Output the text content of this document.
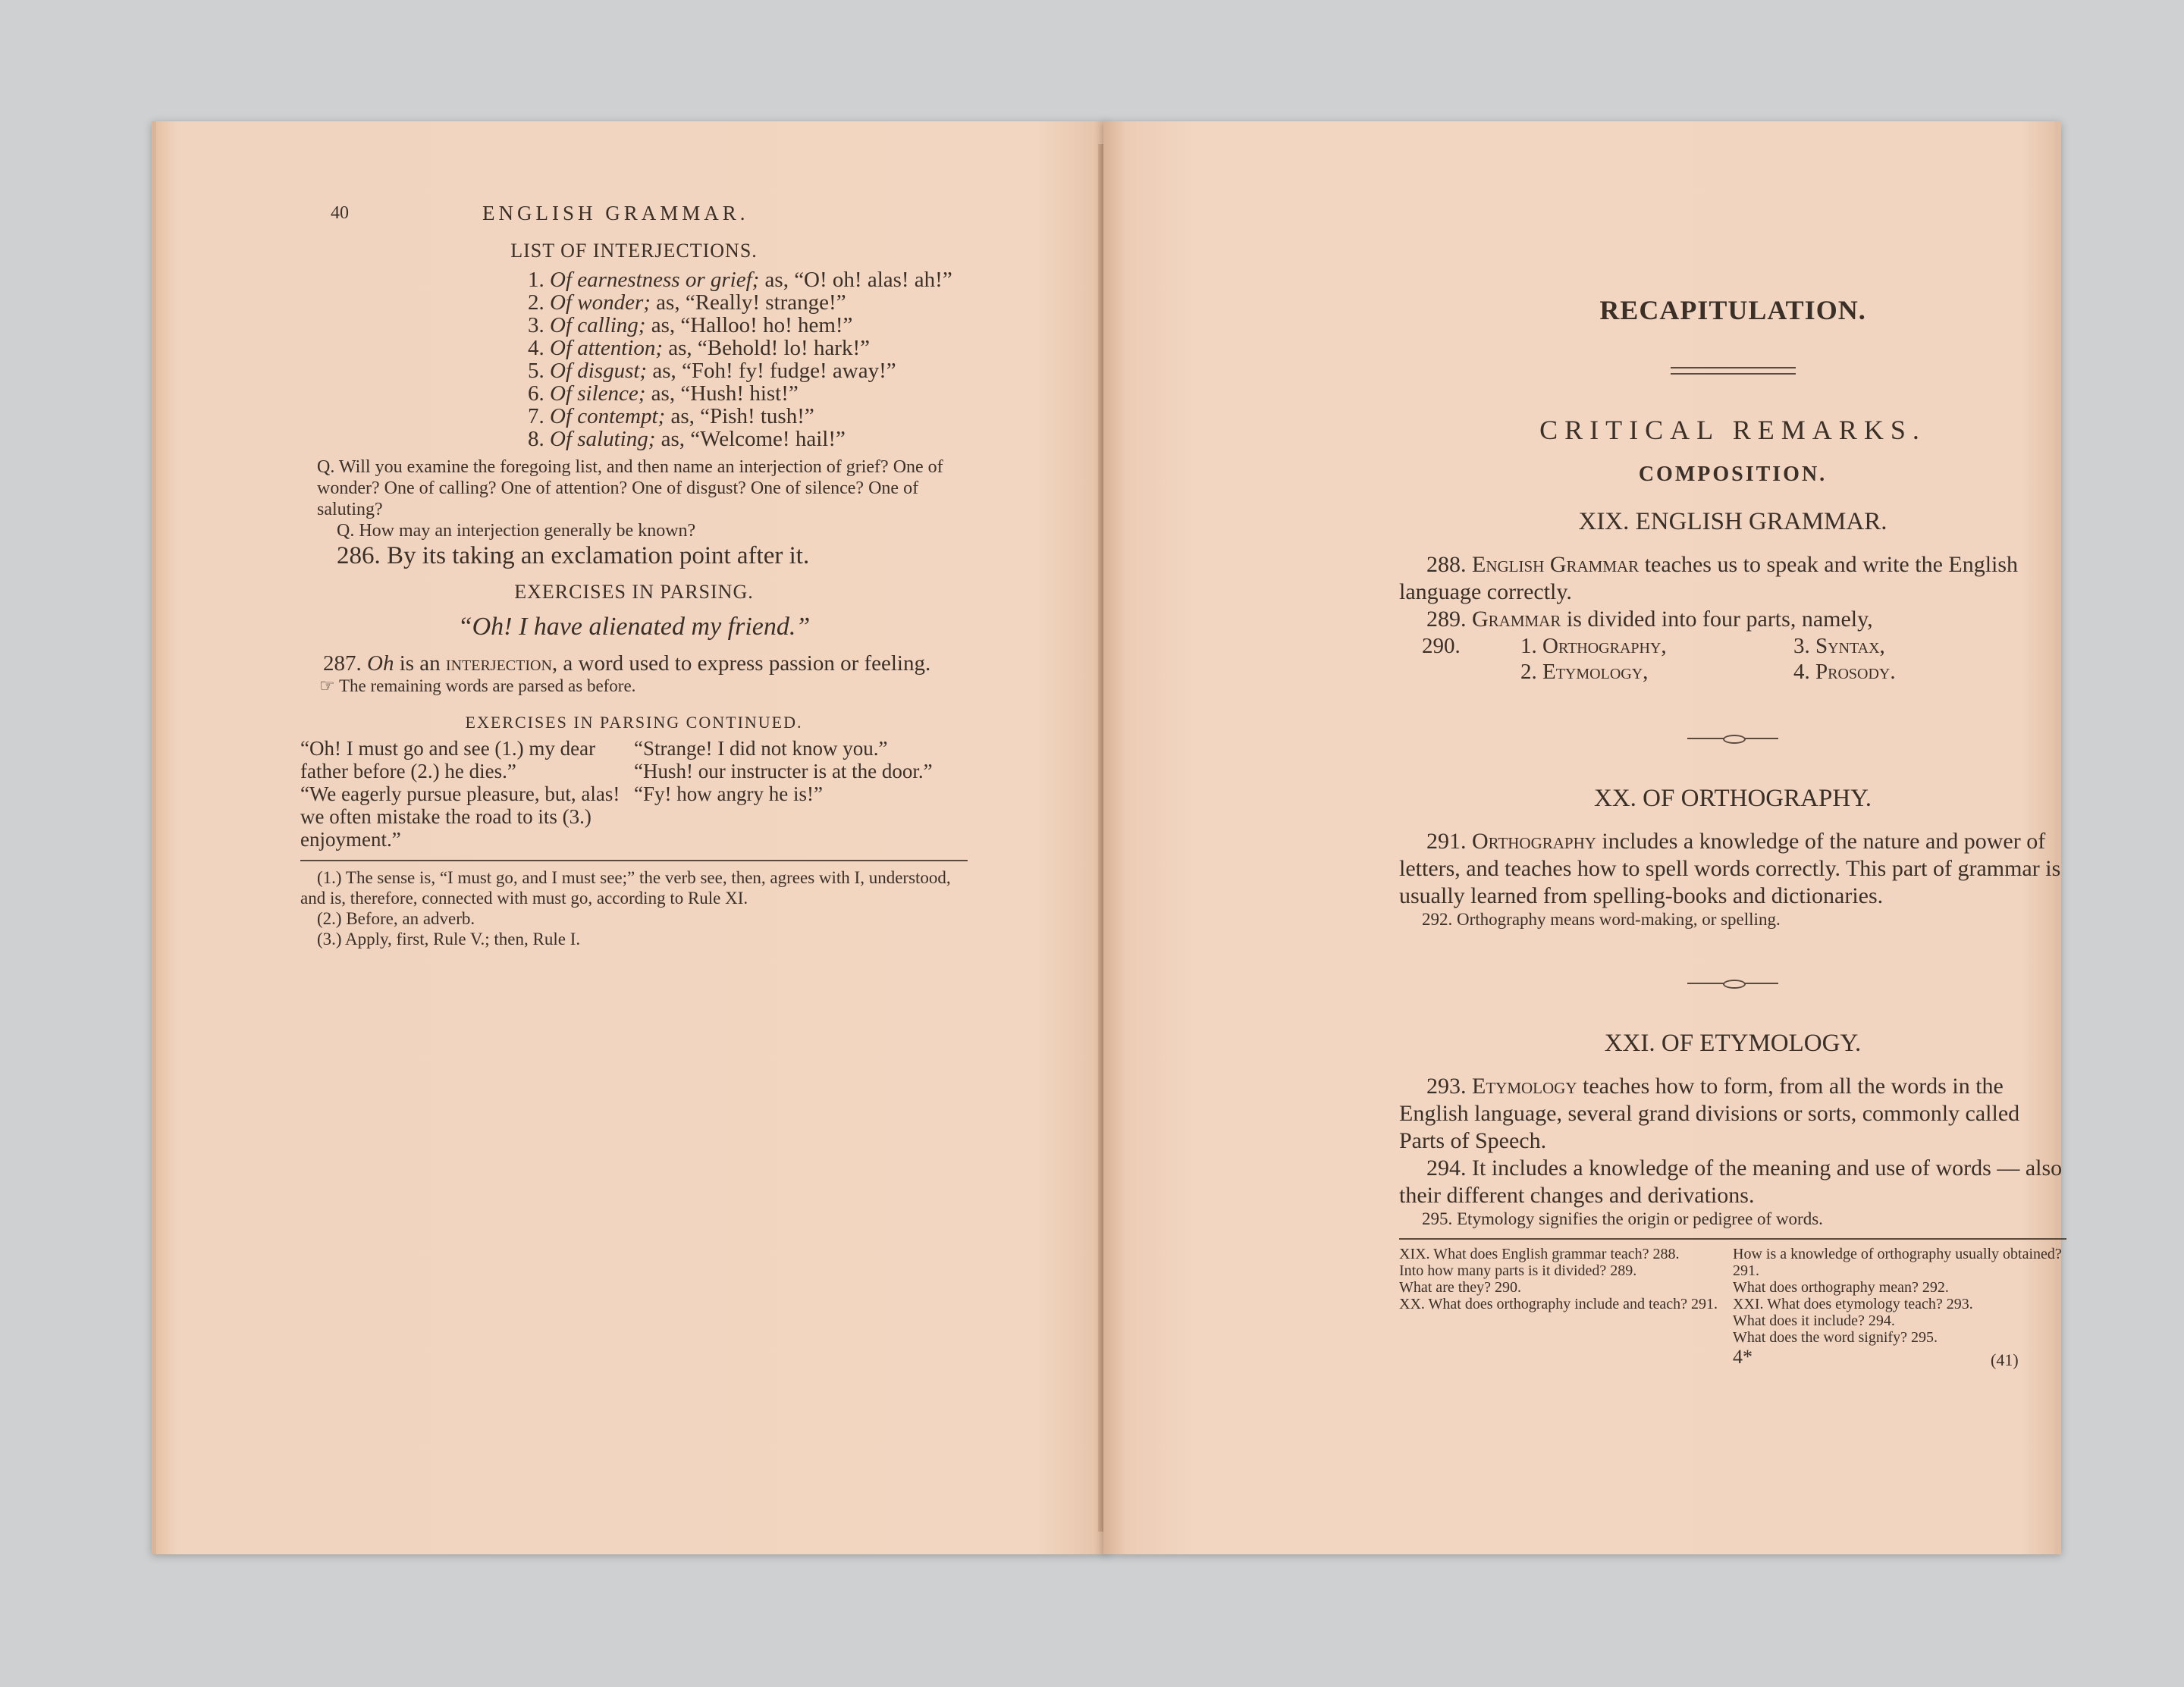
40	ENGLISH GRAMMAR.
LIST OF INTERJECTIONS.
1. Of earnestness or grief; as, “O! oh! alas! ah!”
2. Of wonder; as, “Really! strange!”
3. Of calling; as, “Halloo! ho! hem!”
4. Of attention; as, “Behold! lo! hark!”
5. Of disgust; as, “Foh! fy! fudge! away!”
6. Of silence; as, “Hush! hist!”
7. Of contempt; as, “Pish! tush!”
8. Of saluting; as, “Welcome! hail!”

Q. Will you examine the foregoing list, and then name an interjection of grief? One of wonder? One of calling? One of attention? One of disgust? One of silence? One of saluting?

Q. How may an interjection generally be known?

286. By its taking an exclamation point after it.

EXERCISES IN PARSING.
“Oh! I have alienated my friend.”

287. Oh is an interjection, a word used to express passion or feeling.

☞ The remaining words are parsed as before.

EXERCISES IN PARSING CONTINUED.

“Oh! I must go and see (1.) my dear father before (2.) he dies.”

“We eagerly pursue pleasure, but, alas! we often mistake the road to its (3.) enjoyment.”

“Strange! I did not know you.”

“Hush! our instructer is at the door.”

“Fy! how angry he is!”

(1.) The sense is, “I must go, and I must see;” the verb see, then, agrees with I, understood, and is, therefore, connected with must go, according to Rule XI.

(2.) Before, an adverb.

(3.) Apply, first, Rule V.; then, Rule I.

RECAPITULATION.
CRITICAL REMARKS.
COMPOSITION.
XIX. ENGLISH GRAMMAR.

288. English Grammar teaches us to speak and write the English language correctly.

289. Grammar is divided into four parts, namely,

290.	1. Orthography,	3. Syntax,
2. Etymology,	4. Prosody.
XX. OF ORTHOGRAPHY.

291. Orthography includes a knowledge of the nature and power of letters, and teaches how to spell words correctly. This part of grammar is usually learned from spelling-books and dictionaries.

292. Orthography means word-making, or spelling.

XXI. OF ETYMOLOGY.

293. Etymology teaches how to form, from all the words in the English language, several grand divisions or sorts, commonly called Parts of Speech.

294. It includes a knowledge of the meaning and use of words — also their different changes and derivations.

295. Etymology signifies the origin or pedigree of words.

XIX. What does English grammar teach? 288.

Into how many parts is it divided? 289.

What are they? 290.

XX. What does orthography include and teach? 291.

How is a knowledge of orthography usually obtained? 291.

What does orthography mean? 292.

XXI. What does etymology teach? 293.

What does it include? 294.

What does the word signify? 295.

4*	(41)
